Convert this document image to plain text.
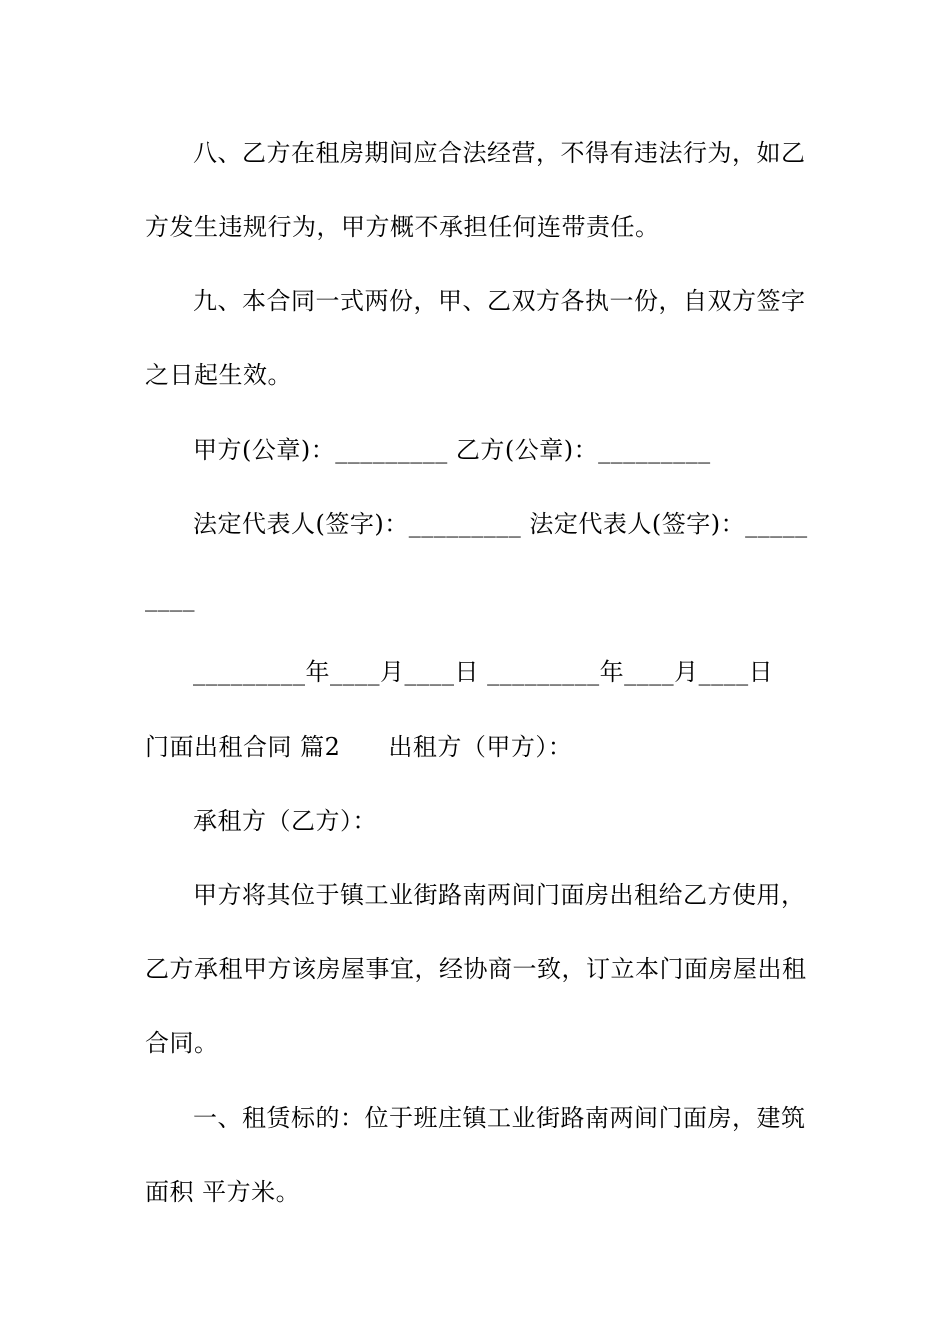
八、乙方在租房期间应合法经营，不得有违法行为，如乙
方发生违规行为，甲方概不承担任何连带责任。
九、本合同一式两份，甲、乙双方各执一份，自双方签字
之日起生效。
甲方(公章)：_________ 乙方(公章)：_________
法定代表人(签字)：_________ 法定代表人(签字)：_____
____
_________年____月____日 _________年____月____日
门面出租合同 篇2 出租方（甲方）：
承租方（乙方）：
甲方将其位于镇工业街路南两间门面房出租给乙方使用，
乙方承租甲方该房屋事宜，经协商一致，订立本门面房屋出租
合同。
一、租赁标的：位于班庄镇工业街路南两间门面房，建筑
面积 平方米。
